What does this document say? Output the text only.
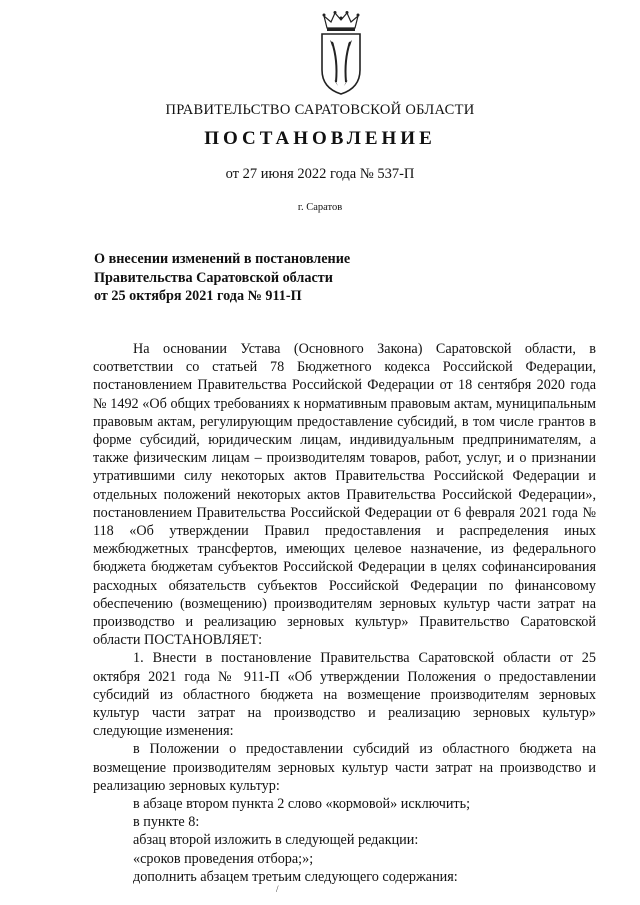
ПРАВИТЕЛЬСТВО САРАТОВСКОЙ ОБЛАСТИ
ПОСТАНОВЛЕНИЕ
от 27 июня 2022 года № 537-П
г. Саратов
О внесении изменений в постановление
Правительства Саратовской области
от 25 октября 2021 года № 911-П

На основании Устава (Основного Закона) Саратовской области, в соответствии со статьей 78 Бюджетного кодекса Российской Федерации, постановлением Правительства Российской Федерации от 18 сентября 2020 года № 1492 «Об общих требованиях к нормативным правовым актам, муниципальным правовым актам, регулирующим предоставление субсидий, в том числе грантов в форме субсидий, юридическим лицам, индивидуальным предпринимателям, а также физическим лицам – производителям товаров, работ, услуг, и о признании утратившими силу некоторых актов Правительства Российской Федерации и отдельных положений некоторых актов Правительства Российской Федерации», постановлением Правительства Российской Федерации от 6 февраля 2021 года № 118 «Об утверждении Правил предоставления и распределения иных межбюджетных трансфертов, имеющих целевое назначение, из федерального бюджета бюджетам субъектов Российской Федерации в целях софинансирования расходных обязательств субъектов Российской Федерации по финансовому обеспечению (возмещению) производителям зерновых культур части затрат на производство и реализацию зерновых культур» Правительство Саратовской области ПОСТАНОВЛЯЕТ:

1. Внести в постановление Правительства Саратовской области от 25 октября 2021 года № 911-П «Об утверждении Положения о предоставлении субсидий из областного бюджета на возмещение производителям зерновых культур части затрат на производство и реализацию зерновых культур» следующие изменения:

в Положении о предоставлении субсидий из областного бюджета на возмещение производителям зерновых культур части затрат на производство и реализацию зерновых культур:

в абзаце втором пункта 2 слово «кормовой» исключить;

в пункте 8:

абзац второй изложить в следующей редакции:

«сроков проведения отбора;»;

дополнить абзацем третьим следующего содержания:

/
